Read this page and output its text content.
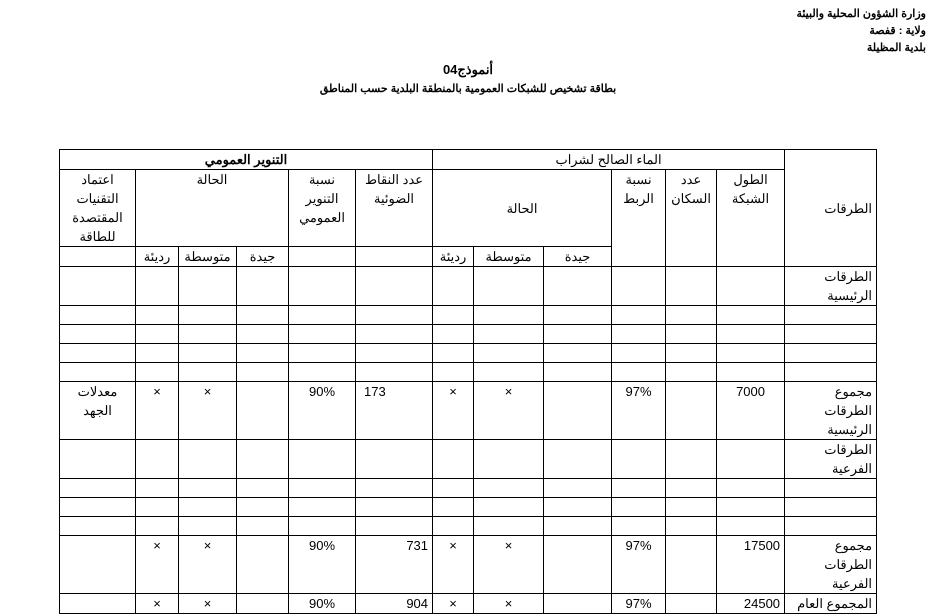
وزارة الشؤون المحلية والبيئة
ولاية : قفصة
بلدية المظيلة
أنموذج04
بطاقة تشخيص للشبكات العمومية بالمنطقة البلدية حسب المناطق
التنوير العمومي						الماء الصالح لشراب						الطرقات
اعتماد التقنيات المقتصدة للطاقة	الحالة			نسبة التنوير العمومي	عدد النقاط الضوئية	الحالة			نسبة الربط	عدد السكان	الطول الشبكة	
	رديئة	متوسطة	جيدة			رديئة	متوسطة	جيدة				
												الطرقات الرئيسية

معدلات الجهد	×	×		90%	173	×	×		97%		7000	مجموع الطرقات الرئيسية
												الطرقات الفرعية

	×	×		90%	731	×	×		97%		17500	مجموع الطرقات الفرعية
	×	×		90%	904	×	×		97%		24500	المجموع العام
